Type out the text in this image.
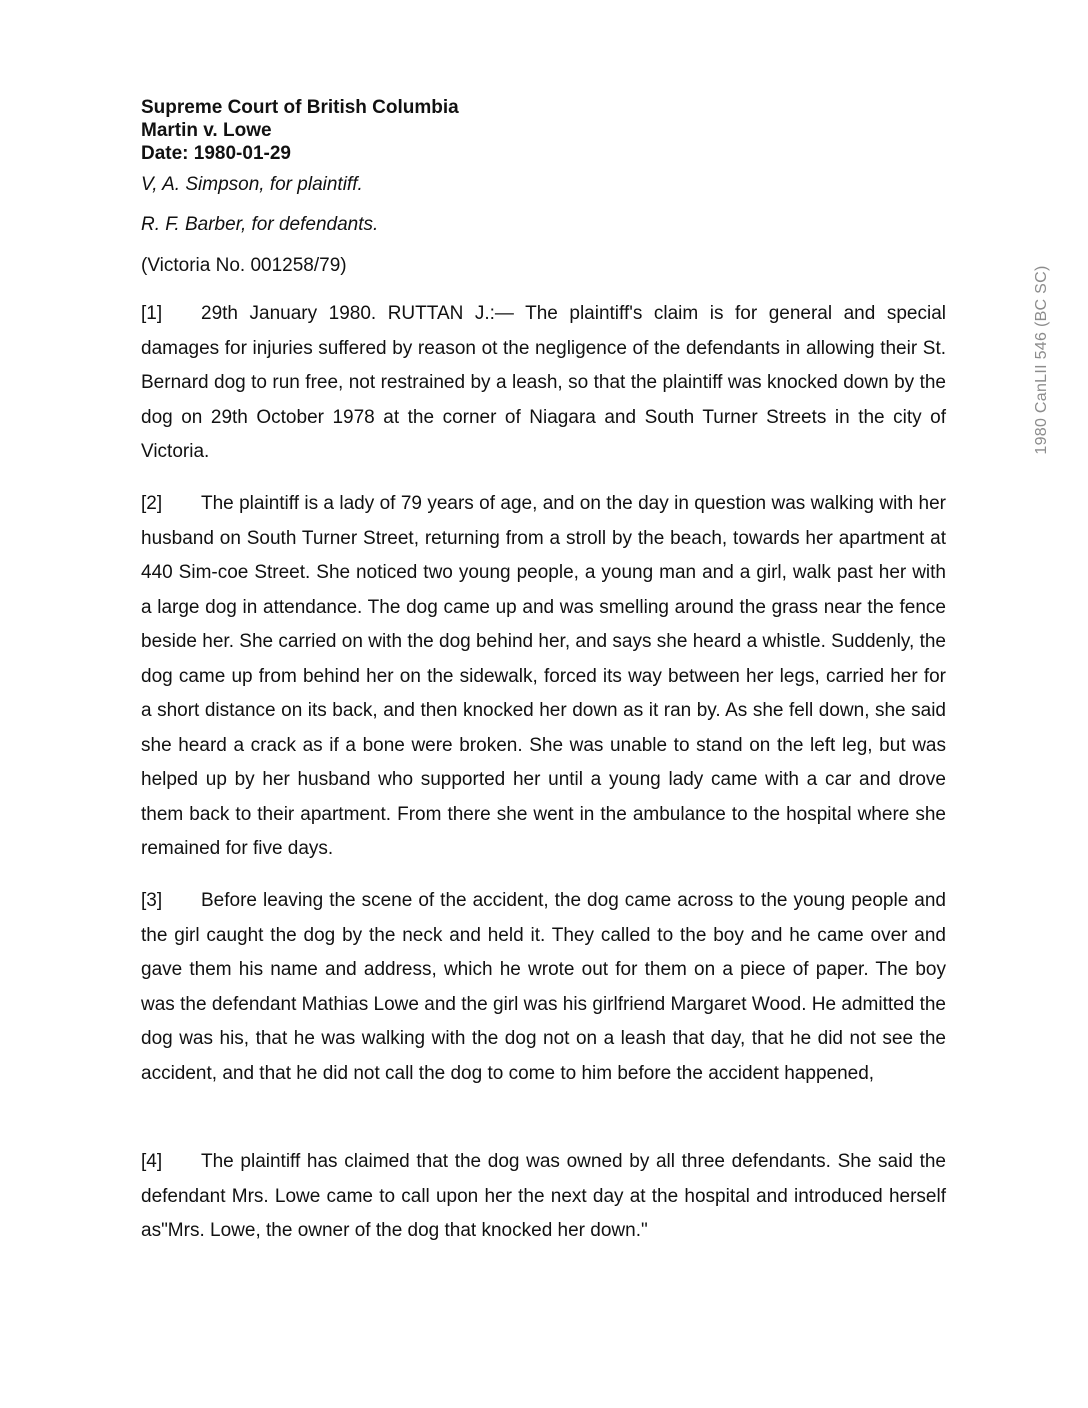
Supreme Court of British Columbia

Martin v. Lowe

Date: 1980-01-29

V, A. Simpson, for plaintiff.

R. F. Barber, for defendants.

(Victoria No. 001258/79)

[1] 29th January 1980. RUTTAN J.:— The plaintiff's claim is for general and special damages for injuries suffered by reason ot the negligence of the defendants in allowing their St. Bernard dog to run free, not restrained by a leash, so that the plaintiff was knocked down by the dog on 29th October 1978 at the corner of Niagara and South Turner Streets in the city of Victoria.

[2] The plaintiff is a lady of 79 years of age, and on the day in question was walking with her husband on South Turner Street, returning from a stroll by the beach, towards her apartment at 440 Sim-coe Street. She noticed two young people, a young man and a girl, walk past her with a large dog in attendance. The dog came up and was smelling around the grass near the fence beside her. She carried on with the dog behind her, and says she heard a whistle. Suddenly, the dog came up from behind her on the sidewalk, forced its way between her legs, carried her for a short distance on its back, and then knocked her down as it ran by. As she fell down, she said she heard a crack as if a bone were broken. She was unable to stand on the left leg, but was helped up by her husband who supported her until a young lady came with a car and drove them back to their apartment. From there she went in the ambulance to the hospital where she remained for five days.

[3] Before leaving the scene of the accident, the dog came across to the young people and the girl caught the dog by the neck and held it. They called to the boy and he came over and gave them his name and address, which he wrote out for them on a piece of paper. The boy was the defendant Mathias Lowe and the girl was his girlfriend Margaret Wood. He admitted the dog was his, that he was walking with the dog not on a leash that day, that he did not see the accident, and that he did not call the dog to come to him before the accident happened,

[4] The plaintiff has claimed that the dog was owned by all three defendants. She said the defendant Mrs. Lowe came to call upon her the next day at the hospital and introduced herself as"Mrs. Lowe, the owner of the dog that knocked her down."

1980 CanLII 546 (BC SC)
